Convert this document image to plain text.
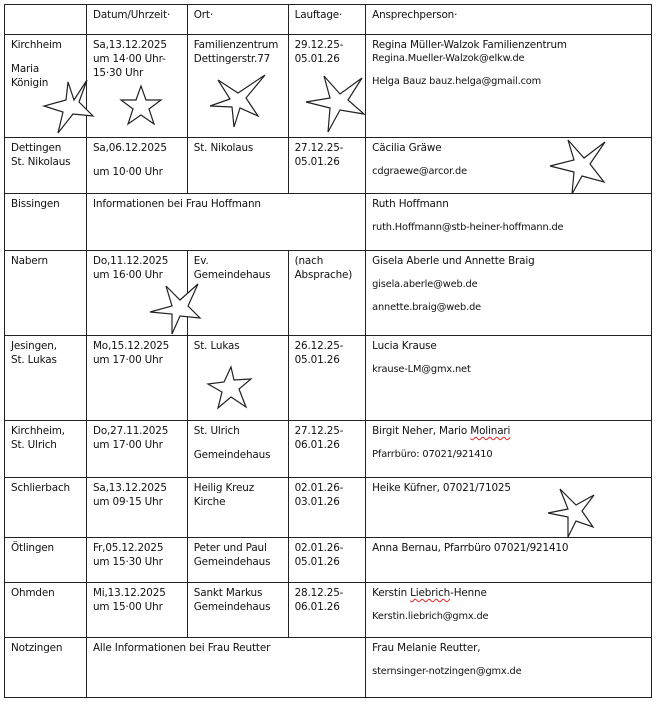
	Datum/Uhrzeit·	Ort·	Lauftage·	Ansprechperson·

Kirchheim
Maria
Königin	Sa,13.12.2025
um 14·00 Uhr-
15·30 Uhr	Familienzentrum
Dettingerstr.77	29.12.25-
05.01.26	Regina Müller-Walzok Familienzentrum
Regina.Mueller-Walzok@elkw.de
Helga Bauz bauz.helga@gmail.com

Dettingen
St. Nikolaus	Sa,06.12.2025
um 10·00 Uhr	St. Nikolaus	27.12.25-
05.01.26	Cäcilia Gräwe
cdgraewe@arcor.de

Bissingen	Informationen bei Frau Hoffmann			Ruth Hoffmann
ruth.Hoffmann@stb-heiner-hoffmann.de

Nabern	Do,11.12.2025
um 16·00 Uhr	Ev.
Gemeindehaus	(nach
Absprache)	Gisela Aberle und Annette Braig
gisela.aberle@web.de
annette.braig@web.de

Jesingen,
St. Lukas	Mo,15.12.2025
um 17·00 Uhr	St. Lukas	26.12.25-
05.01.26	Lucia Krause
krause-LM@gmx.net

Kirchheim,
St. Ulrich	Do,27.11.2025
um 17·00 Uhr	St. Ulrich
Gemeindehaus	27.12.25-
06.01.26	Birgit Neher, Mario Molinari
Pfarrbüro: 07021/921410

Schlierbach	Sa,13.12.2025
um 09·15 Uhr	Heilig Kreuz
Kirche	02.01.26-
03.01.26	Heike Küfner, 07021/71025

Ötlingen	Fr,05.12.2025
um 15·30 Uhr	Peter und Paul
Gemeindehaus	02.01.26-
05.01.26	Anna Bernau, Pfarrbüro 07021/921410

Ohmden	Mi,13.12.2025
um 15·00 Uhr	Sankt Markus
Gemeindehaus	28.12.25-
06.01.26	Kerstin Liebrich-Henne
Kerstin.liebrich@gmx.de

Notzingen	Alle Informationen bei Frau Reutter			Frau Melanie Reutter,
sternsinger-notzingen@gmx.de
